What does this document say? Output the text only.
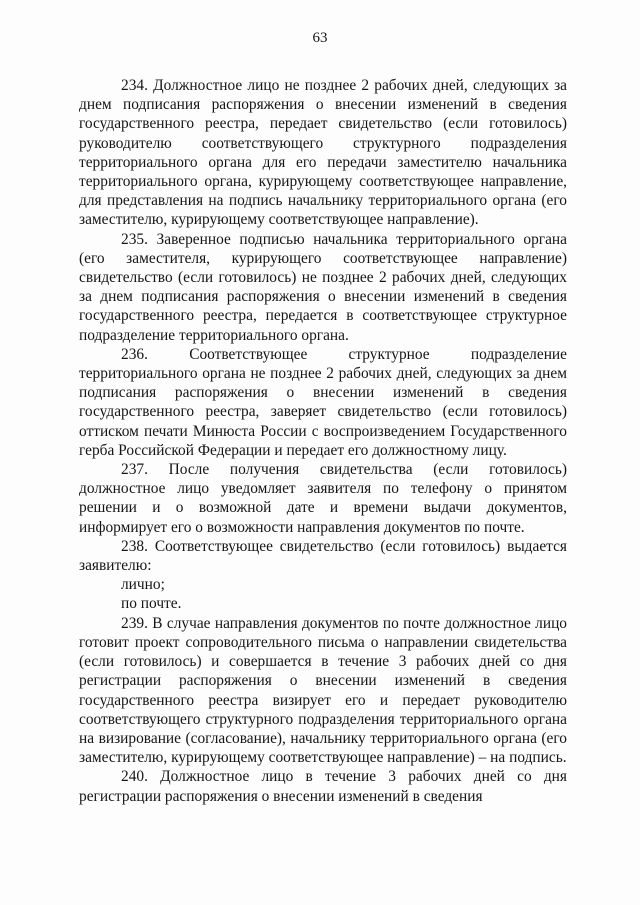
63

234. Должностное лицо не позднее 2 рабочих дней, следующих за днем подписания распоряжения о внесении изменений в сведения государственного реестра, передает свидетельство (если готовилось) руководителю соответствующего структурного подразделения территориального органа для его передачи заместителю начальника территориального органа, курирующему соответствующее направление, для представления на подпись начальнику территориального органа (его заместителю, курирующему соответствующее направление).

235. Заверенное подписью начальника территориального органа (его заместителя, курирующего соответствующее направление) свидетельство (если готовилось) не позднее 2 рабочих дней, следующих за днем подписания распоряжения о внесении изменений в сведения государственного реестра, передается в соответствующее структурное подразделение территориального органа.

236. Соответствующее структурное подразделение территориального органа не позднее 2 рабочих дней, следующих за днем подписания распоряжения о внесении изменений в сведения государственного реестра, заверяет свидетельство (если готовилось) оттиском печати Минюста России с воспроизведением Государственного герба Российской Федерации и передает его должностному лицу.

237. После получения свидетельства (если готовилось) должностное лицо уведомляет заявителя по телефону о принятом решении и о возможной дате и времени выдачи документов, информирует его о возможности направления документов по почте.

238. Соответствующее свидетельство (если готовилось) выдается заявителю:

лично;

по почте.

239. В случае направления документов по почте должностное лицо готовит проект сопроводительного письма о направлении свидетельства (если готовилось) и совершается в течение 3 рабочих дней со дня регистрации распоряжения о внесении изменений в сведения государственного реестра визирует его и передает руководителю соответствующего структурного подразделения территориального органа на визирование (согласование), начальнику территориального органа (его заместителю, курирующему соответствующее направление) – на подпись.

240. Должностное лицо в течение 3 рабочих дней со дня регистрации распоряжения о внесении изменений в сведения
